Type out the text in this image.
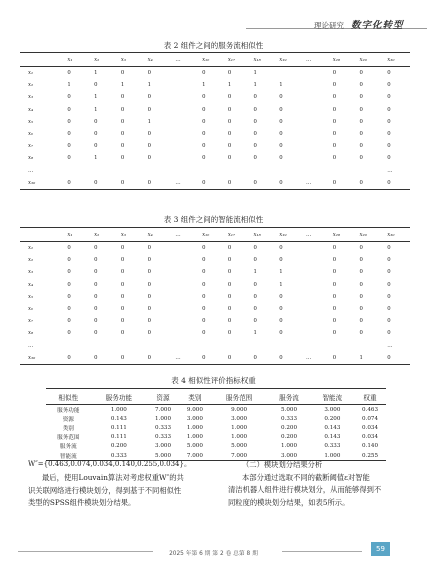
理论研究 数字化转型
表 2 组件之间的服务流相似性
	x₁	x₂	x₃	x₄	…	x₁₆	x₁₇	x₁₈	x₁₉	…	x₂₈	x₂₉	x₃₀
x₁	0	1	0	0		0	0	1			0	0	0
x₂	1	0	1	1		1	1	1	1		0	0	0
x₃	0	1	0	0		0	0	0	0		0	0	0
x₄	0	1	0	0		0	0	0	0		0	0	0
x₅	0	0	0	1		0	0	0	0		0	0	0
x₆	0	0	0	0		0	0	0	0		0	0	0
x₇	0	0	0	0		0	0	0	0		0	0	0
x₈	0	1	0	0		0	0	0	0		0	0	0
…													…
x₃₀	0	0	0	0	…	0	0	0	0	…	0	0	0
表 3 组件之间的智能流相似性
	x₁	x₂	x₃	x₄	…	x₁₆	x₁₇	x₁₈	x₁₉	…	x₂₈	x₂₉	x₃₀
x₁	0	0	0	0		0	0	0	0		0	0	0
x₂	0	0	0	0		0	0	0	0		0	0	0
x₃	0	0	0	0		0	0	1	1		0	0	0
x₄	0	0	0	0		0	0	0	1		0	0	0
x₅	0	0	0	0		0	0	0	0		0	0	0
x₆	0	0	0	0		0	0	0	0		0	0	0
x₇	0	0	0	0		0	0	0	0		0	0	0
x₈	0	0	0	0		0	0	1	0		0	0	0
…													…
x₃₀	0	0	0	0	…	0	0	0	0	…	0	1	0
表 4 相似性评价指标权重
相似性	服务功能	资源	类别	服务范围	服务流	智能流	权重
服务功能	1.000	7.000	9.000	9.000	5.000	3.000	0.463
资源	0.143	1.000	3.000	3.000	0.333	0.200	0.074
类别	0.111	0.333	1.000	1.000	0.200	0.143	0.034
服务范围	0.111	0.333	1.000	1.000	0.200	0.143	0.034
服务流	0.200	3.000	5.000	5.000	1.000	0.333	0.140
智能流	0.333	5.000	7.000	7.000	3.000	1.000	0.255
W″={0.463,0.074,0.034,0.140,0.255,0.034}。

最后，使用Louvain算法对考虑权重W″的共

识关联网络进行模块划分，得到基于不同相似性

类型的SPSS组件模块划分结果。

（二）模块划分结果分析

本部分通过选取不同的截断阈值ε对智能

清洁机器人组件进行模块划分，从而能够得到不

同粒度的模块划分结果，如表5所示。

2025 年第 6 期 第 2 卷 总第 8 期
59
